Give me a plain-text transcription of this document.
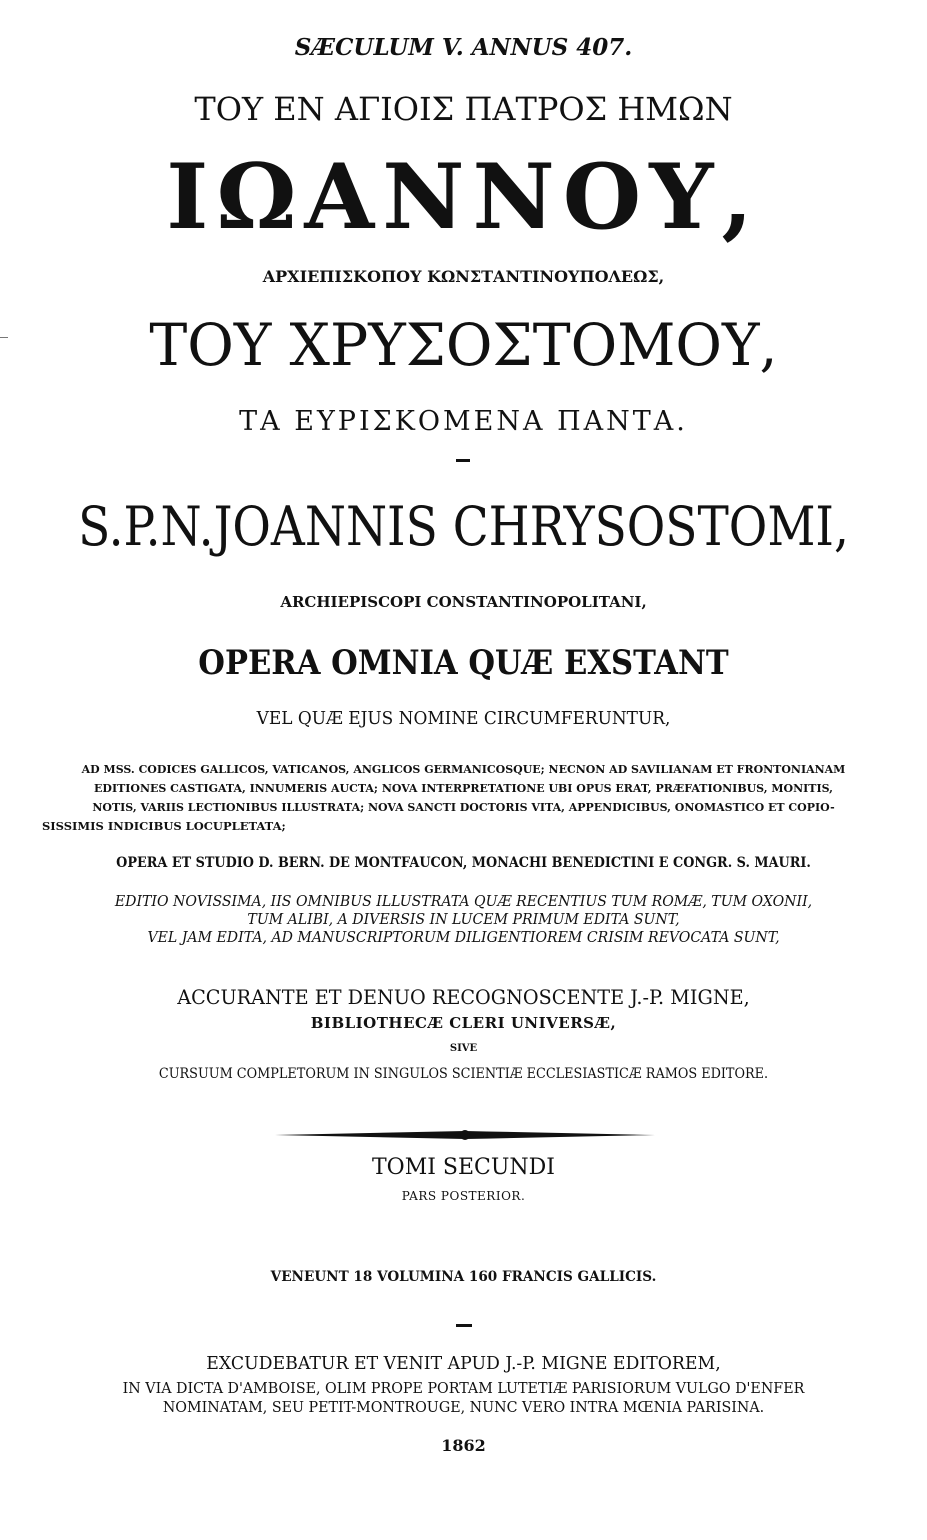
SÆCULUM V. ANNUS 407.
ΤΟΥ ΕΝ ΑΓΙΟΙΣ ΠΑΤΡΟΣ ΗΜΩΝ
ΙΩΑΝΝΟΥ,
ΑΡΧΙΕΠΙΣΚΟΠΟΥ ΚΩΝΣΤΑΝΤΙΝΟΥΠΟΛΕΩΣ,
ΤΟΥ ΧΡΥΣΟΣΤΟΜΟΥ,
ΤΑ ΕΥΡΙΣΚΟΜΕΝΑ ΠΑΝΤΑ.
S.P.N.JOANNIS CHRYSOSTOMI,
ARCHIEPISCOPI CONSTANTINOPOLITANI,
OPERA OMNIA QUÆ EXSTANT
VEL QUÆ EJUS NOMINE CIRCUMFERUNTUR,
AD MSS. CODICES GALLICOS, VATICANOS, ANGLICOS GERMANICOSQUE; NECNON AD SAVILIANAM ET FRONTONIANAM
EDITIONES CASTIGATA, INNUMERIS AUCTA; NOVA INTERPRETATIONE UBI OPUS ERAT, PRÆFATIONIBUS, MONITIS,
NOTIS, VARIIS LECTIONIBUS ILLUSTRATA; NOVA SANCTI DOCTORIS VITA, APPENDICIBUS, ONOMASTICO ET COPIO-
SISSIMIS INDICIBUS LOCUPLETATA;
OPERA ET STUDIO D. BERN. DE MONTFAUCON, MONACHI BENEDICTINI E CONGR. S. MAURI.
EDITIO NOVISSIMA, IIS OMNIBUS ILLUSTRATA QUÆ RECENTIUS TUM ROMÆ, TUM OXONII,
TUM ALIBI, A DIVERSIS IN LUCEM PRIMUM EDITA SUNT,
VEL JAM EDITA, AD MANUSCRIPTORUM DILIGENTIOREM CRISIM REVOCATA SUNT,
ACCURANTE ET DENUO RECOGNOSCENTE J.-P. MIGNE,
BIBLIOTHECÆ CLERI UNIVERSÆ,
SIVE
CURSUUM COMPLETORUM IN SINGULOS SCIENTIÆ ECCLESIASTICÆ RAMOS EDITORE.
TOMI SECUNDI
PARS POSTERIOR.
VENEUNT 18 VOLUMINA 160 FRANCIS GALLICIS.
EXCUDEBATUR ET VENIT APUD J.-P. MIGNE EDITOREM,
IN VIA DICTA D'AMBOISE, OLIM PROPE PORTAM LUTETIÆ PARISIORUM VULGO D'ENFER
NOMINATAM, SEU PETIT-MONTROUGE, NUNC VERO INTRA MŒNIA PARISINA.
1862
